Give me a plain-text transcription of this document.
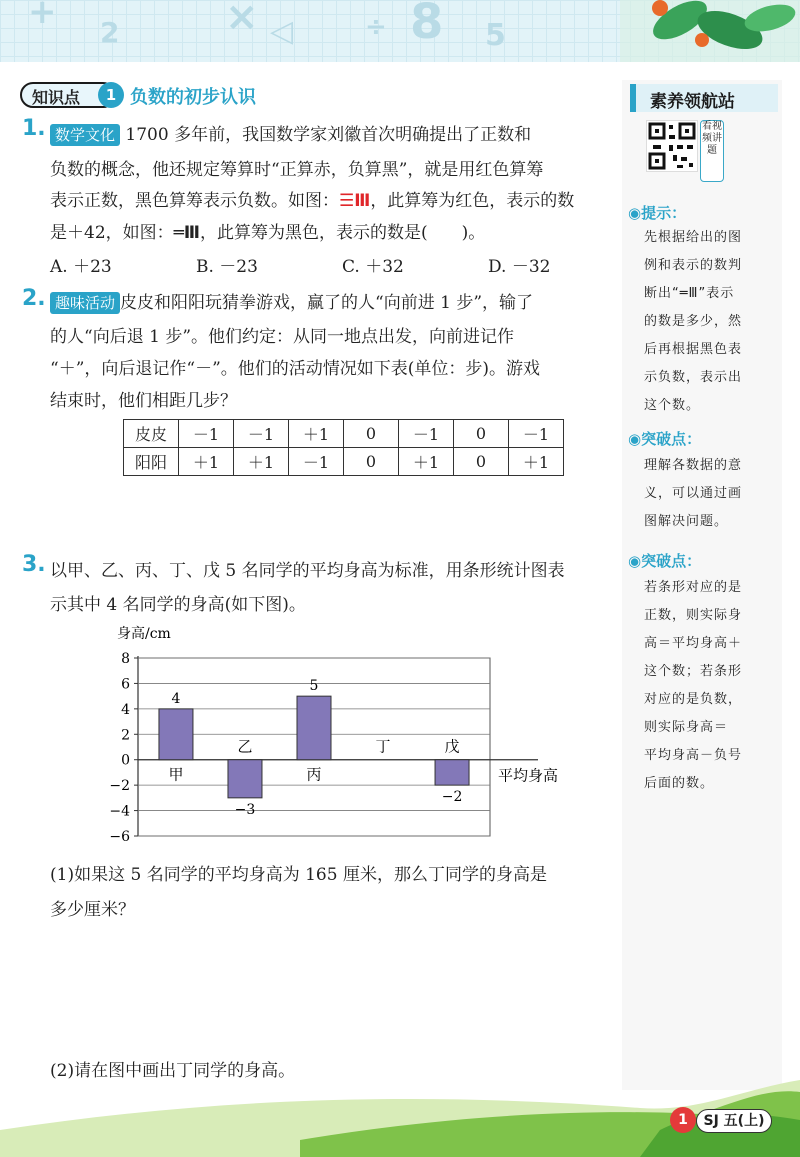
+
2	× ◁	÷ 8 5
知识点	1 负数的初步认识
1. 数学文化 1700 多年前，我国数学家刘徽首次明确提出了正数和
负数的概念，他还规定筹算时“正算赤，负算黑”，就是用红色算筹
表示正数，黑色算筹表示负数。如图：☰Ⅲ，此算筹为红色，表示的数
是＋42，如图：═Ⅲ，此算筹为黑色，表示的数是(　　)。
A. ＋23	B. －23	C. ＋32	D. －32
2. 趣味活动 皮皮和阳阳玩猜拳游戏，赢了的人“向前进 1 步”，输了
的人“向后退 1 步”。他们约定：从同一地点出发，向前进记作
“＋”，向后退记作“－”。他们的活动情况如下表(单位：步)。游戏
结束时，他们相距几步？
皮皮	－1	－1	＋1	0	－1	0	－1
阳阳	＋1	＋1	－1	0	＋1	0	＋1
3. 以甲、乙、丙、丁、戊 5 名同学的平均身高为标准，用条形统计图表
示其中 4 名同学的身高(如下图)。
身高/cm
8
6
4
2
0
−2
−4
−6
平均身高
4
甲
−3
乙
5
丙
丁
−2
戊
(1)如果这 5 名同学的平均身高为 165 厘米，那么丁同学的身高是
多少厘米？
(2)请在图中画出丁同学的身高。
素养领航站
看视频讲题
◉提示：
先根据给出的图
例和表示的数判
断出“═Ⅲ”表示
的数是多少，然
后再根据黑色表
示负数，表示出
这个数。
◉突破点：
理解各数据的意
义，可以通过画
图解决问题。
◉突破点：
若条形对应的是
正数，则实际身
高＝平均身高＋
这个数；若条形
对应的是负数，
则实际身高＝
平均身高－负号
后面的数。
1	SJ 五(上)
